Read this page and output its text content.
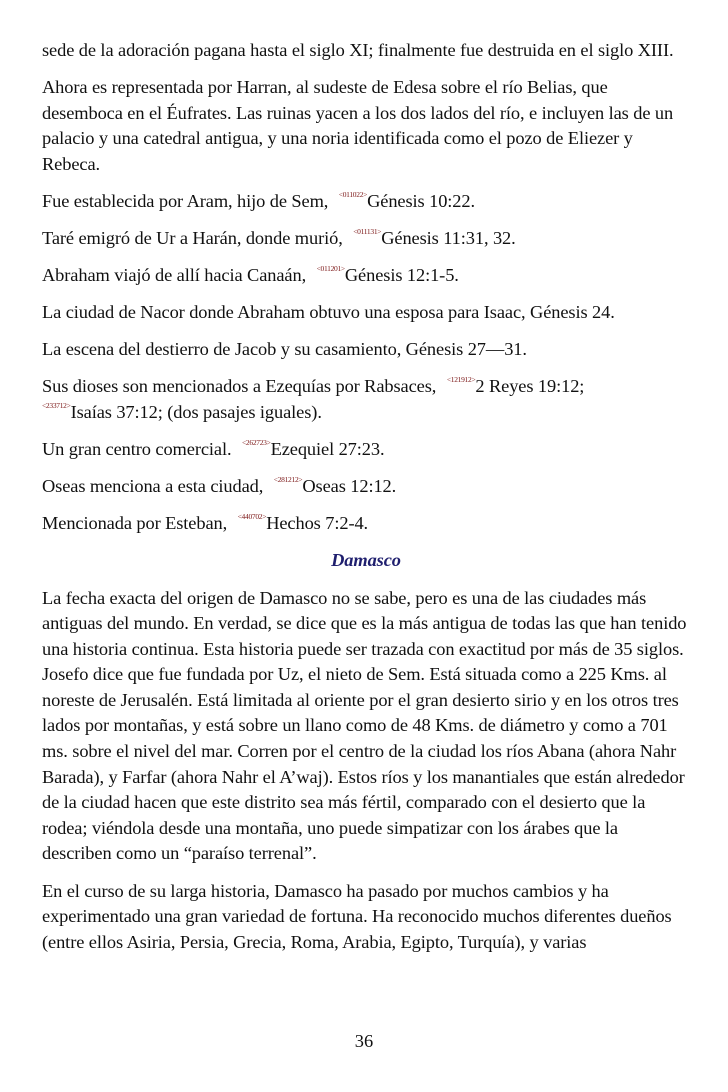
sede de la adoración pagana hasta el siglo XI; finalmente fue destruida en el siglo XIII.

Ahora es representada por Harran, al sudeste de Edesa sobre el río Belias, que desemboca en el Éufrates. Las ruinas yacen a los dos lados del río, e incluyen las de un palacio y una catedral antigua, y una noria identificada como el pozo de Eliezer y Rebeca.

Fue establecida por Aram, hijo de Sem, $^{<011022>}$Génesis 10:22.

Taré emigró de Ur a Harán, donde murió, $^{<011131>}$Génesis 11:31, 32.

Abraham viajó de allí hacia Canaán, $^{<011201>}$Génesis 12:1-5.

La ciudad de Nacor donde Abraham obtuvo una esposa para Isaac, Génesis 24.

La escena del destierro de Jacob y su casamiento, Génesis 27—31.

Sus dioses son mencionados a Ezequías por Rabsaces, $^{<121912>}$2 Reyes 19:12;
$^{<233712>}$Isaías 37:12; (dos pasajes iguales).

Un gran centro comercial. $^{<262723>}$Ezequiel 27:23.

Oseas menciona a esta ciudad, $^{<281212>}$Oseas 12:12.

Mencionada por Esteban, $^{<440702>}$Hechos 7:2-4.

Damasco

La fecha exacta del origen de Damasco no se sabe, pero es una de las ciudades más antiguas del mundo. En verdad, se dice que es la más antigua de todas las que han tenido una historia continua. Esta historia puede ser trazada con exactitud por más de 35 siglos. Josefo dice que fue fundada por Uz, el nieto de Sem. Está situada como a 225 Kms. al noreste de Jerusalén. Está limitada al oriente por el gran desierto sirio y en los otros tres lados por montañas, y está sobre un llano como de 48 Kms. de diámetro y como a 701 ms. sobre el nivel del mar. Corren por el centro de la ciudad los ríos Abana (ahora Nahr Barada), y Farfar (ahora Nahr el A’waj). Estos ríos y los manantiales que están alrededor de la ciudad hacen que este distrito sea más fértil, comparado con el desierto que la rodea; viéndola desde una montaña, uno puede simpatizar con los árabes que la describen como un “paraíso terrenal”.

En el curso de su larga historia, Damasco ha pasado por muchos cambios y ha experimentado una gran variedad de fortuna. Ha reconocido muchos diferentes dueños (entre ellos Asiria, Persia, Grecia, Roma, Arabia, Egipto, Turquía), y varias

36
